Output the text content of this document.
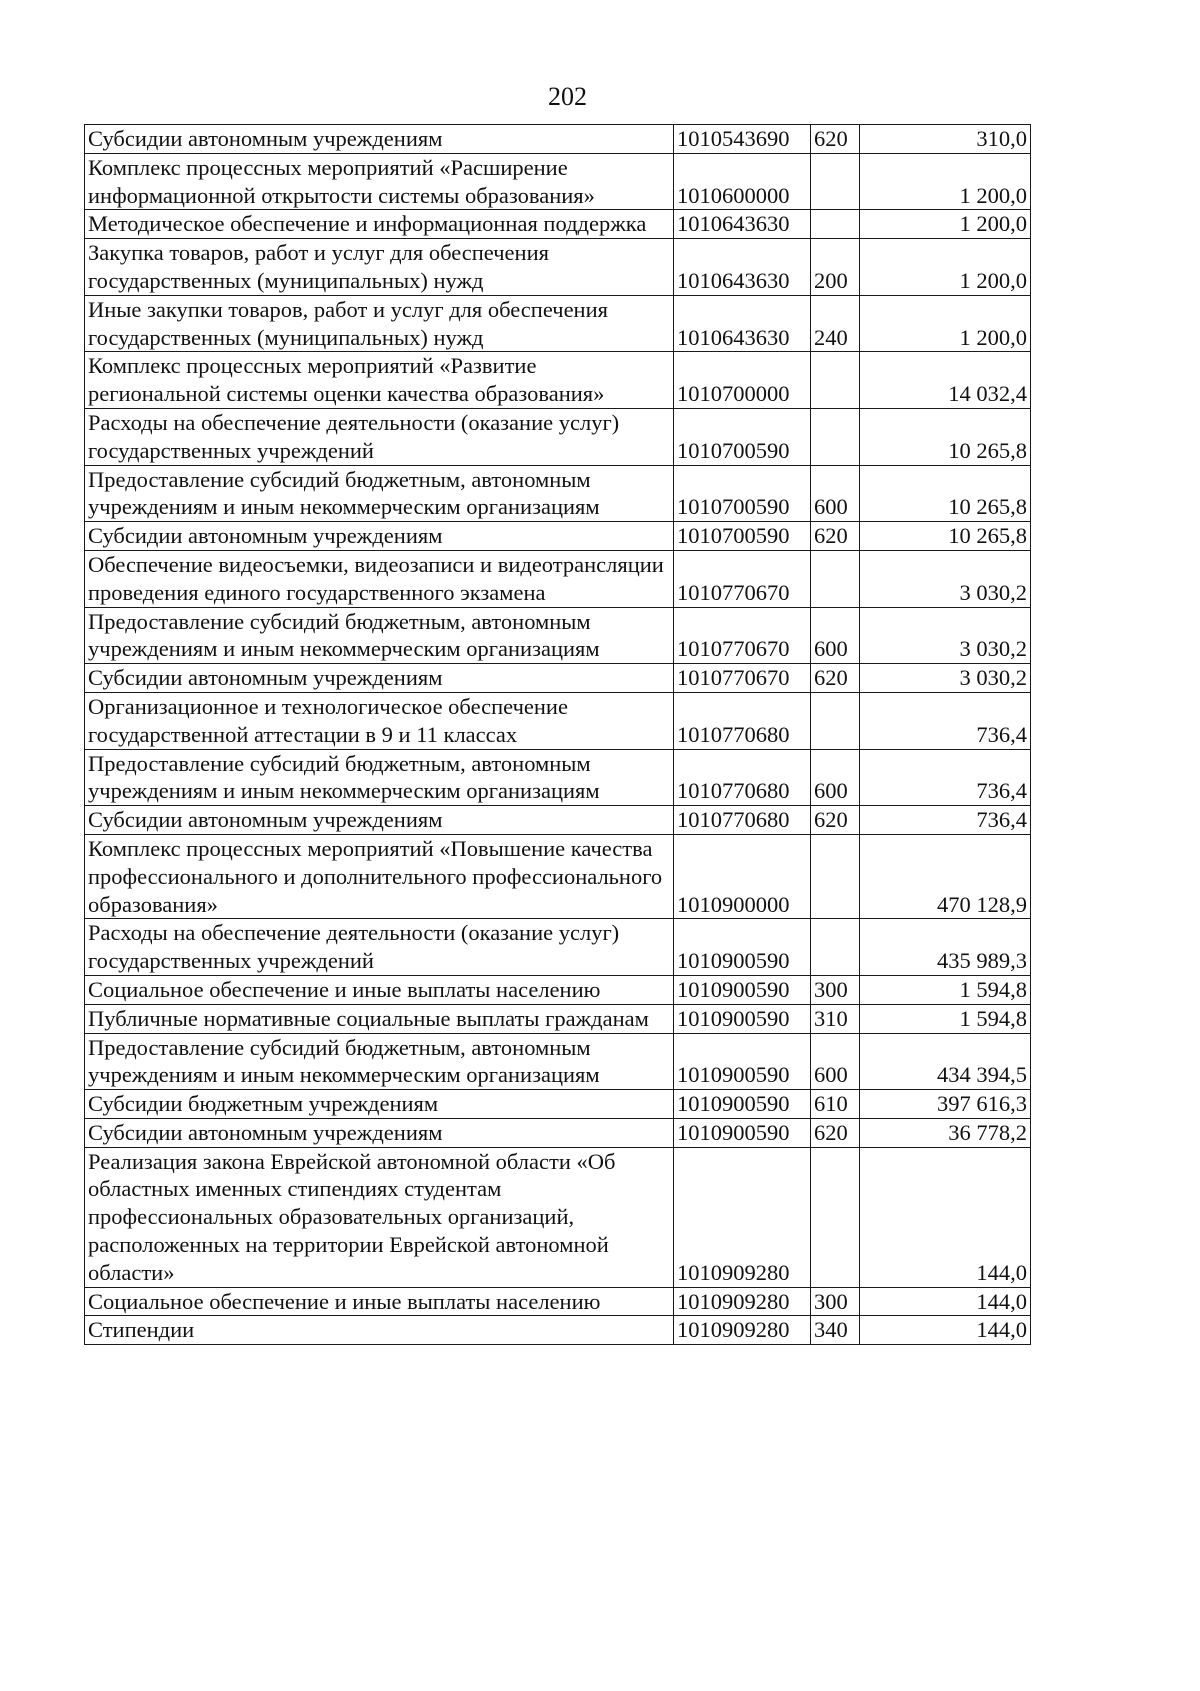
202
Субсидии автономным учреждениям	1010543690	620	310,0
Комплекс процессных мероприятий «Расширение информационной открытости системы образования»	1010600000		1 200,0
Методическое обеспечение и информационная поддержка	1010643630		1 200,0
Закупка товаров, работ и услуг для обеспечения государственных (муниципальных) нужд	1010643630	200	1 200,0
Иные закупки товаров, работ и услуг для обеспечения государственных (муниципальных) нужд	1010643630	240	1 200,0
Комплекс процессных мероприятий «Развитие региональной системы оценки качества образования»	1010700000		14 032,4
Расходы на обеспечение деятельности (оказание услуг) государственных учреждений	1010700590		10 265,8
Предоставление субсидий бюджетным, автономным учреждениям и иным некоммерческим организациям	1010700590	600	10 265,8
Субсидии автономным учреждениям	1010700590	620	10 265,8
Обеспечение видеосъемки, видеозаписи и видеотрансляции проведения единого государственного экзамена	1010770670		3 030,2
Предоставление субсидий бюджетным, автономным учреждениям и иным некоммерческим организациям	1010770670	600	3 030,2
Субсидии автономным учреждениям	1010770670	620	3 030,2
Организационное и технологическое обеспечение государственной аттестации в 9 и 11 классах	1010770680		736,4
Предоставление субсидий бюджетным, автономным учреждениям и иным некоммерческим организациям	1010770680	600	736,4
Субсидии автономным учреждениям	1010770680	620	736,4
Комплекс процессных мероприятий «Повышение качества профессионального и дополнительного профессионального образования»	1010900000		470 128,9
Расходы на обеспечение деятельности (оказание услуг) государственных учреждений	1010900590		435 989,3
Социальное обеспечение и иные выплаты населению	1010900590	300	1 594,8
Публичные нормативные социальные выплаты гражданам	1010900590	310	1 594,8
Предоставление субсидий бюджетным, автономным учреждениям и иным некоммерческим организациям	1010900590	600	434 394,5
Субсидии бюджетным учреждениям	1010900590	610	397 616,3
Субсидии автономным учреждениям	1010900590	620	36 778,2
Реализация закона Еврейской автономной области «Об областных именных стипендиях студентам профессиональных образовательных организаций, расположенных на территории Еврейской автономной области»	1010909280		144,0
Социальное обеспечение и иные выплаты населению	1010909280	300	144,0
Стипендии	1010909280	340	144,0
